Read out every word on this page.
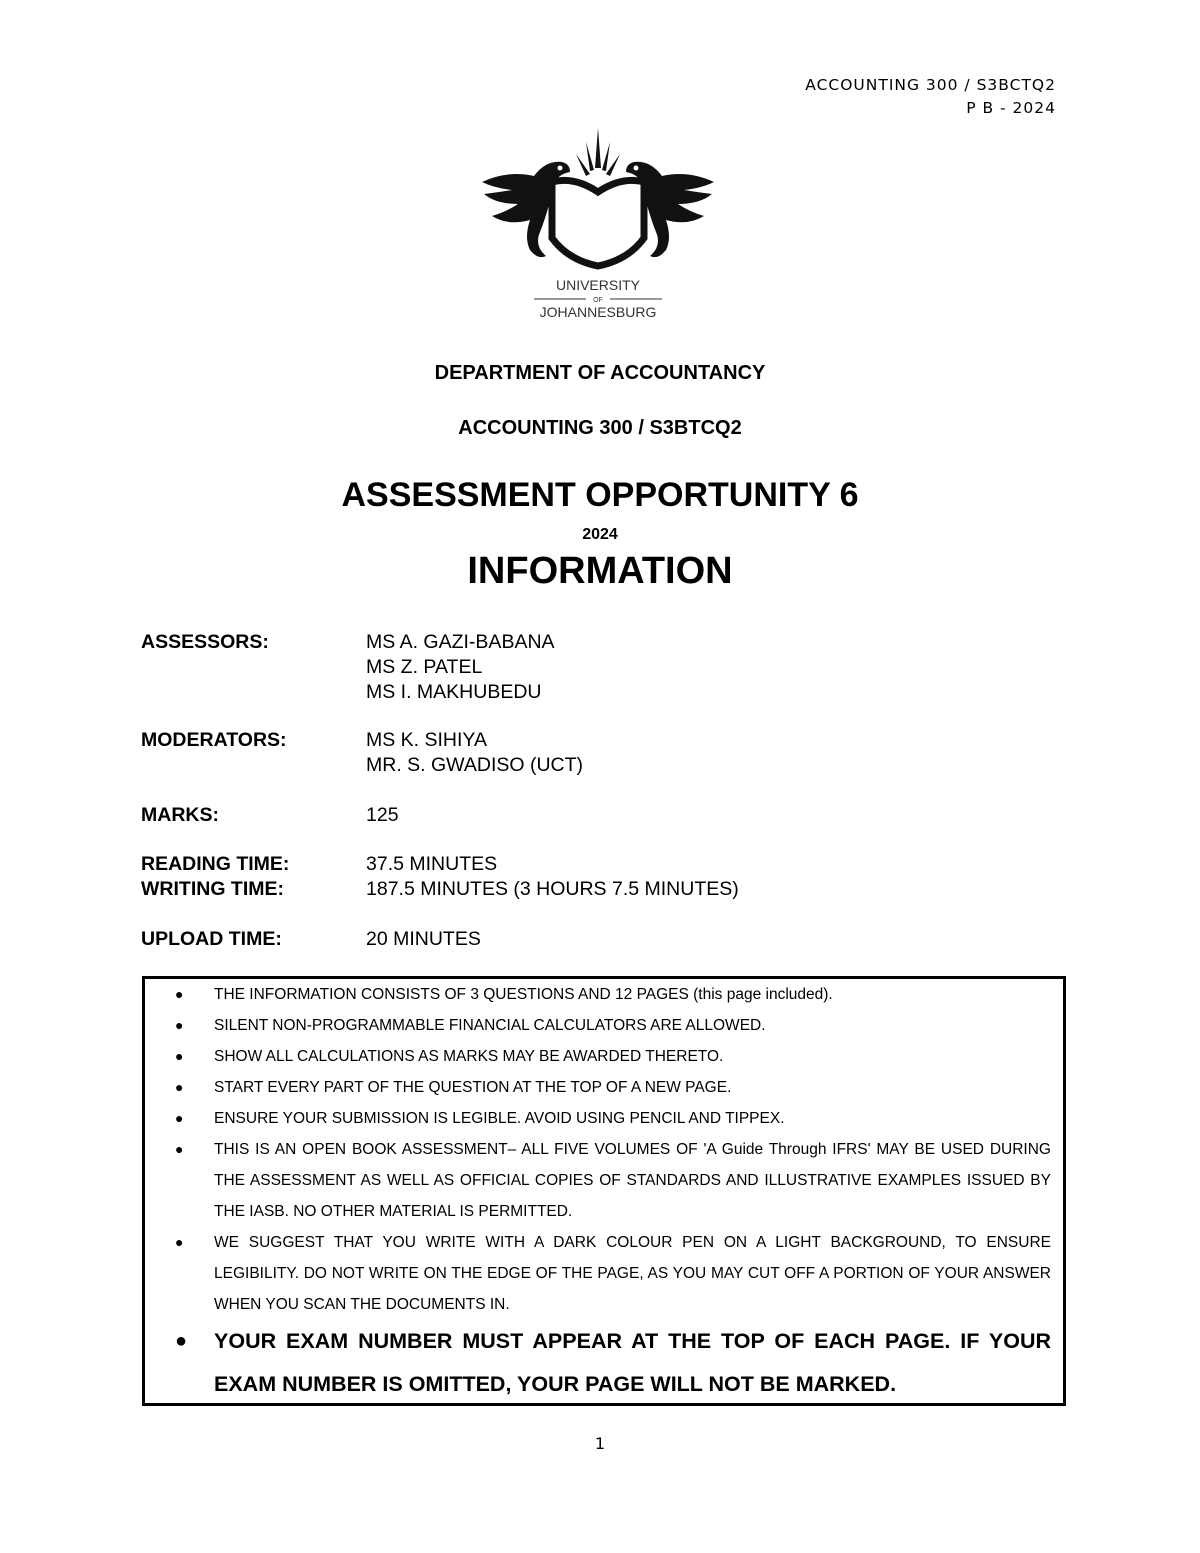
ACCOUNTING 300 / S3BCTQ2
P B - 2024
UNIVERSITY
OF
JOHANNESBURG
DEPARTMENT OF ACCOUNTANCY
ACCOUNTING 300 / S3BTCQ2
ASSESSMENT OPPORTUNITY 6
2024
INFORMATION
ASSESSORS:	MS A. GAZI-BABANA
MS Z. PATEL
MS I. MAKHUBEDU
MODERATORS:	MS K. SIHIYA
MR. S. GWADISO (UCT)
MARKS:	125
READING TIME:	37.5 MINUTES
WRITING TIME:	187.5 MINUTES (3 HOURS 7.5 MINUTES)
UPLOAD TIME:	20 MINUTES
● THE INFORMATION CONSISTS OF 3 QUESTIONS AND 12 PAGES (this page included).
● SILENT NON-PROGRAMMABLE FINANCIAL CALCULATORS ARE ALLOWED.
● SHOW ALL CALCULATIONS AS MARKS MAY BE AWARDED THERETO.
● START EVERY PART OF THE QUESTION AT THE TOP OF A NEW PAGE.
● ENSURE YOUR SUBMISSION IS LEGIBLE. AVOID USING PENCIL AND TIPPEX.
● THIS IS AN OPEN BOOK ASSESSMENT– ALL FIVE VOLUMES OF 'A Guide Through IFRS' MAY BE USED DURING THE ASSESSMENT AS WELL AS OFFICIAL COPIES OF STANDARDS AND ILLUSTRATIVE EXAMPLES ISSUED BY THE IASB. NO OTHER MATERIAL IS PERMITTED.
● WE SUGGEST THAT YOU WRITE WITH A DARK COLOUR PEN ON A LIGHT BACKGROUND, TO ENSURE LEGIBILITY. DO NOT WRITE ON THE EDGE OF THE PAGE, AS YOU MAY CUT OFF A PORTION OF YOUR ANSWER WHEN YOU SCAN THE DOCUMENTS IN.
● YOUR EXAM NUMBER MUST APPEAR AT THE TOP OF EACH PAGE. IF YOUR EXAM NUMBER IS OMITTED, YOUR PAGE WILL NOT BE MARKED.
1
